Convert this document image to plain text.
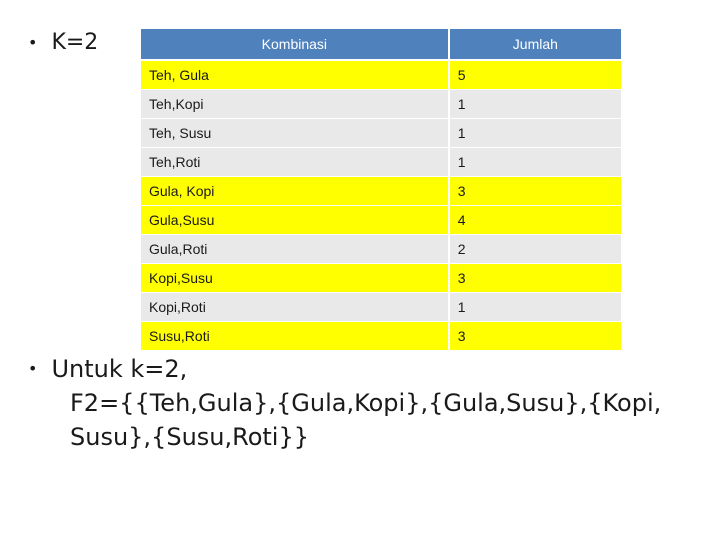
• K=2	Kombinasi	Jumlah
Teh, Gula	5
Teh,Kopi	1
Teh, Susu	1
Teh,Roti	1
Gula, Kopi	3
Gula,Susu	4
Gula,Roti	2
Kopi,Susu	3
Kopi,Roti	1
Susu,Roti	3
• Untuk k=2,
F2={{Teh,Gula},{Gula,Kopi},{Gula,Susu},{Kopi,
Susu},{Susu,Roti}}
